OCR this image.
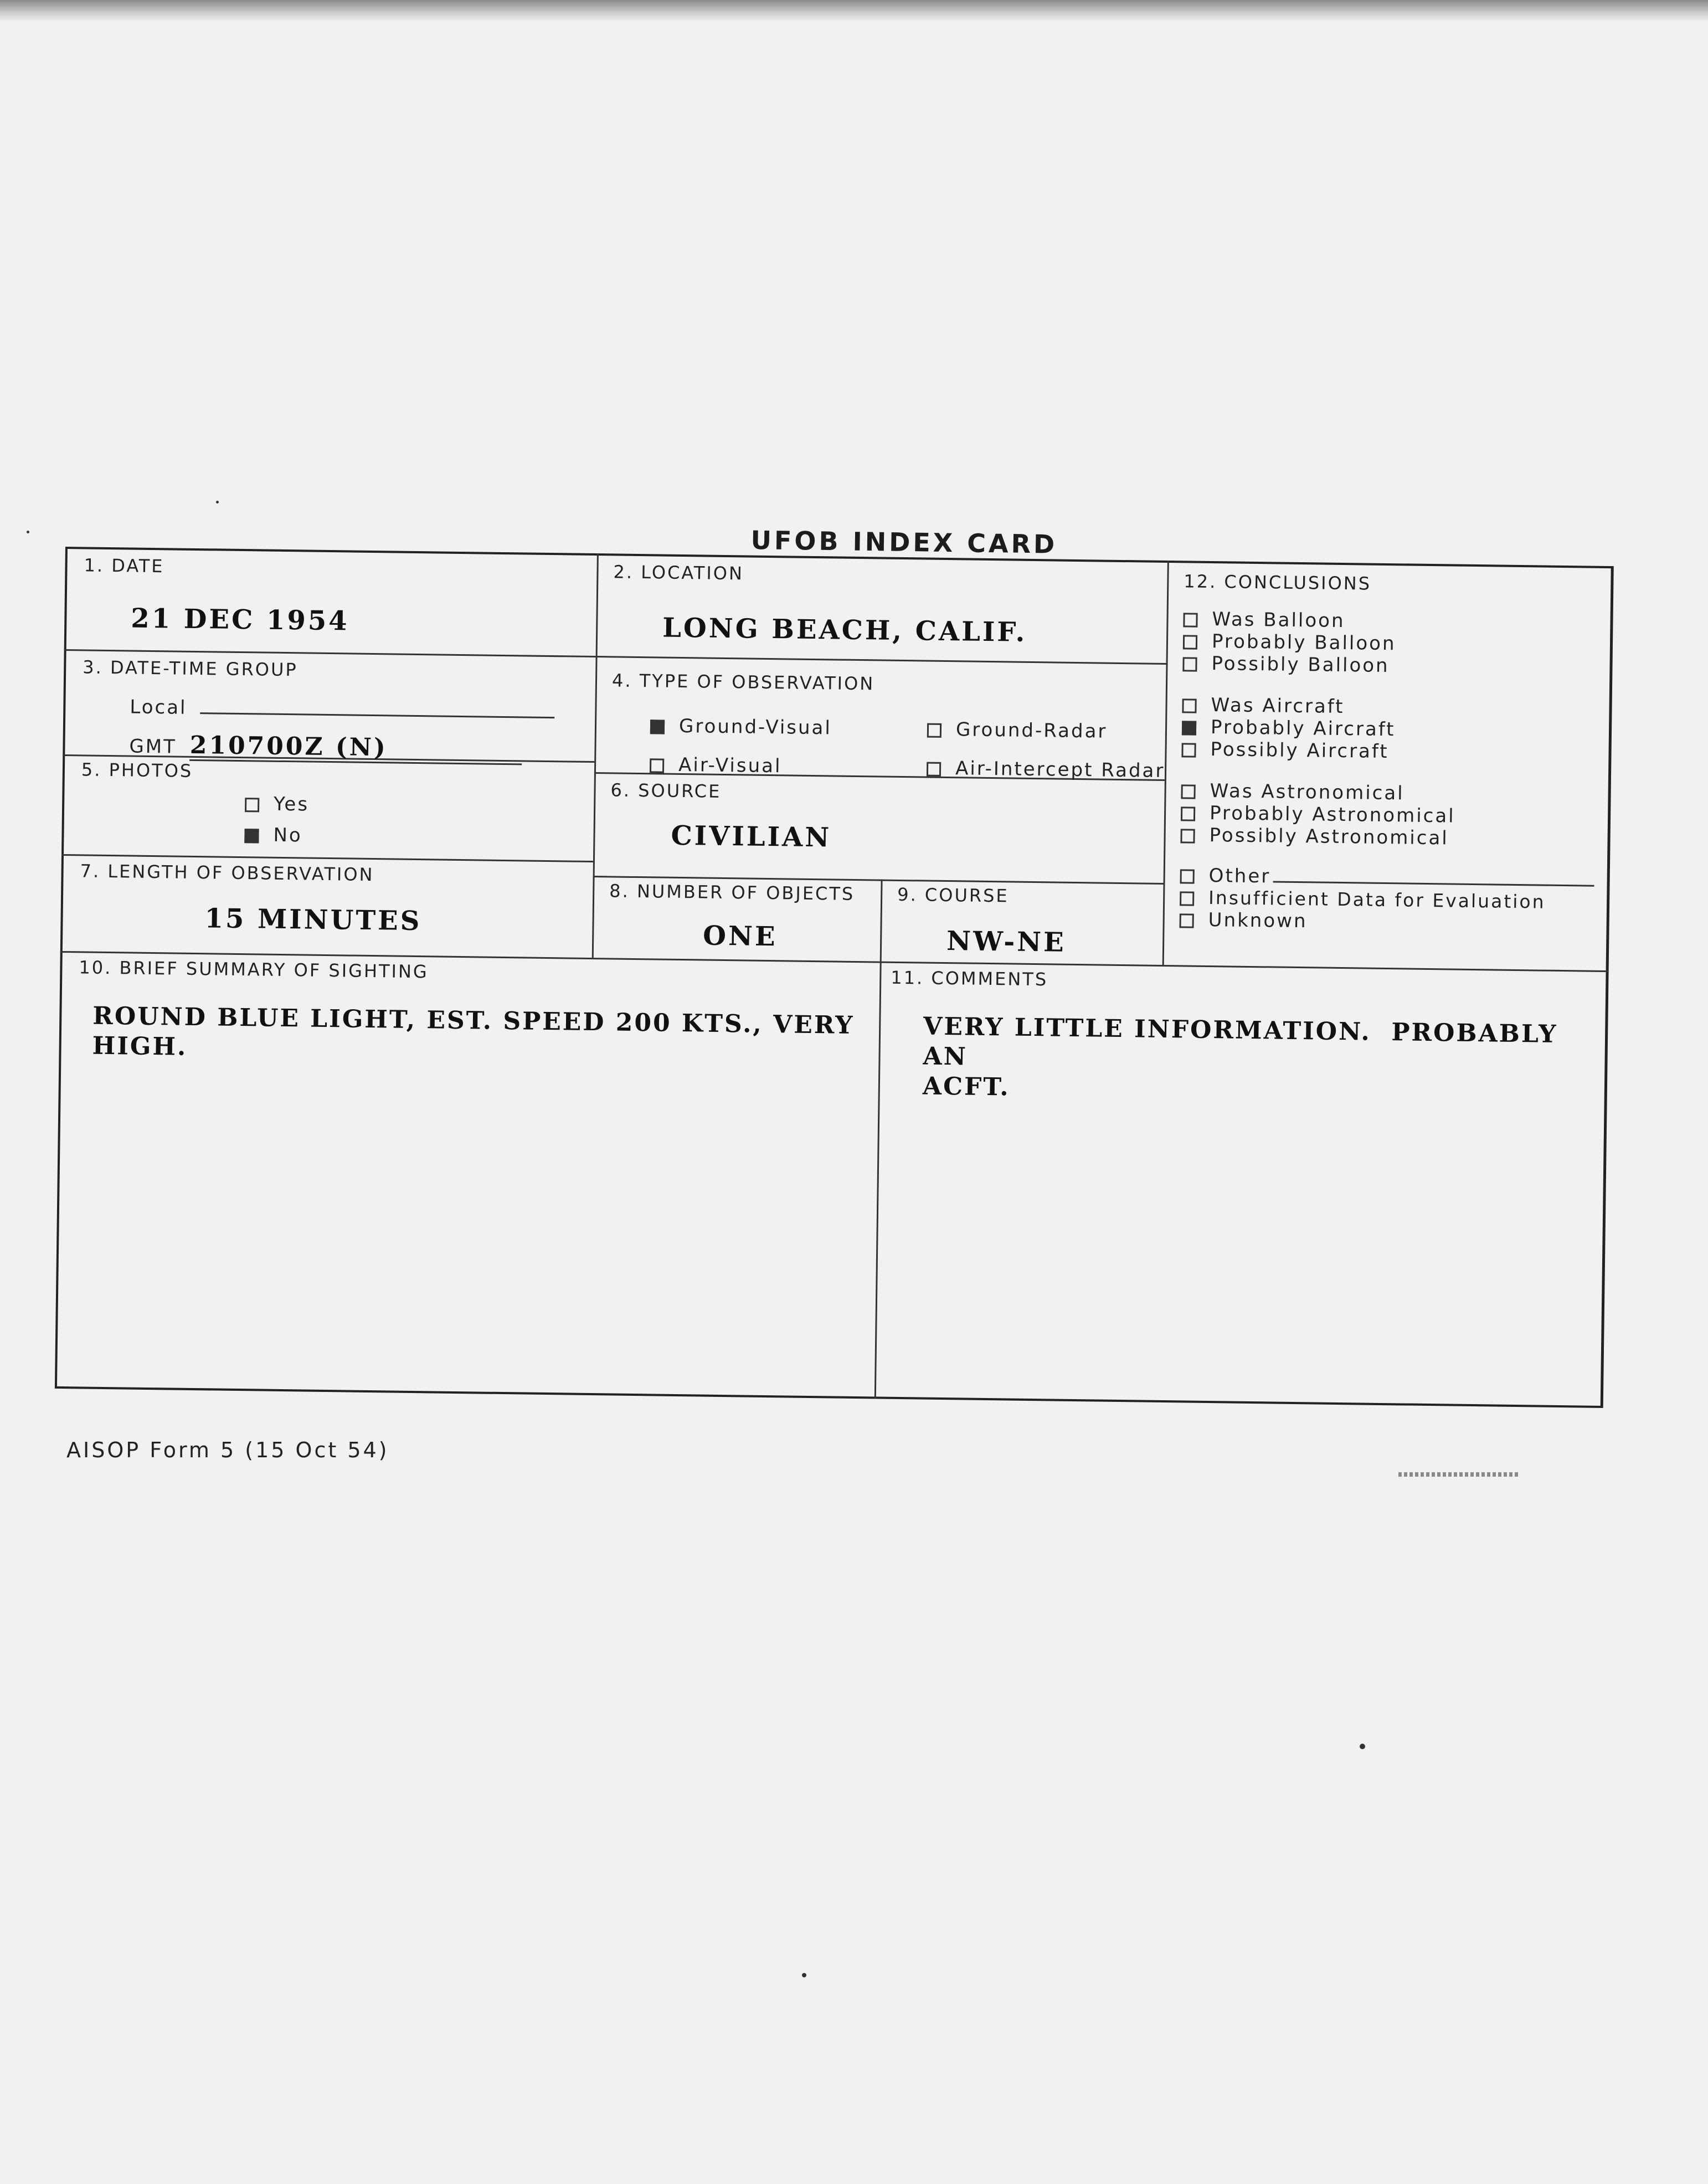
UFOB INDEX CARD
1. DATE
21 DEC 1954
2. LOCATION
LONG BEACH, CALIF.
3. DATE-TIME GROUP
Local
GMT 210700Z (N)
4. TYPE OF OBSERVATION
Ground-Visual	Ground-Radar
Air-Visual	Air-Intercept Radar
5. PHOTOS
Yes
No
6. SOURCE
CIVILIAN
7. LENGTH OF OBSERVATION
15 MINUTES
8. NUMBER OF OBJECTS
ONE
9. COURSE
NW-NE
12. CONCLUSIONS
Was Balloon
Probably Balloon
Possibly Balloon
Was Aircraft
Probably Aircraft
Possibly Aircraft
Was Astronomical
Probably Astronomical
Possibly Astronomical
Other
Insufficient Data for Evaluation
Unknown
10. BRIEF SUMMARY OF SIGHTING
ROUND BLUE LIGHT, EST. SPEED 200 KTS., VERY
HIGH.
11. COMMENTS
VERY LITTLE INFORMATION.  PROBABLY AN
ACFT.
AISOP Form 5 (15 Oct 54)
